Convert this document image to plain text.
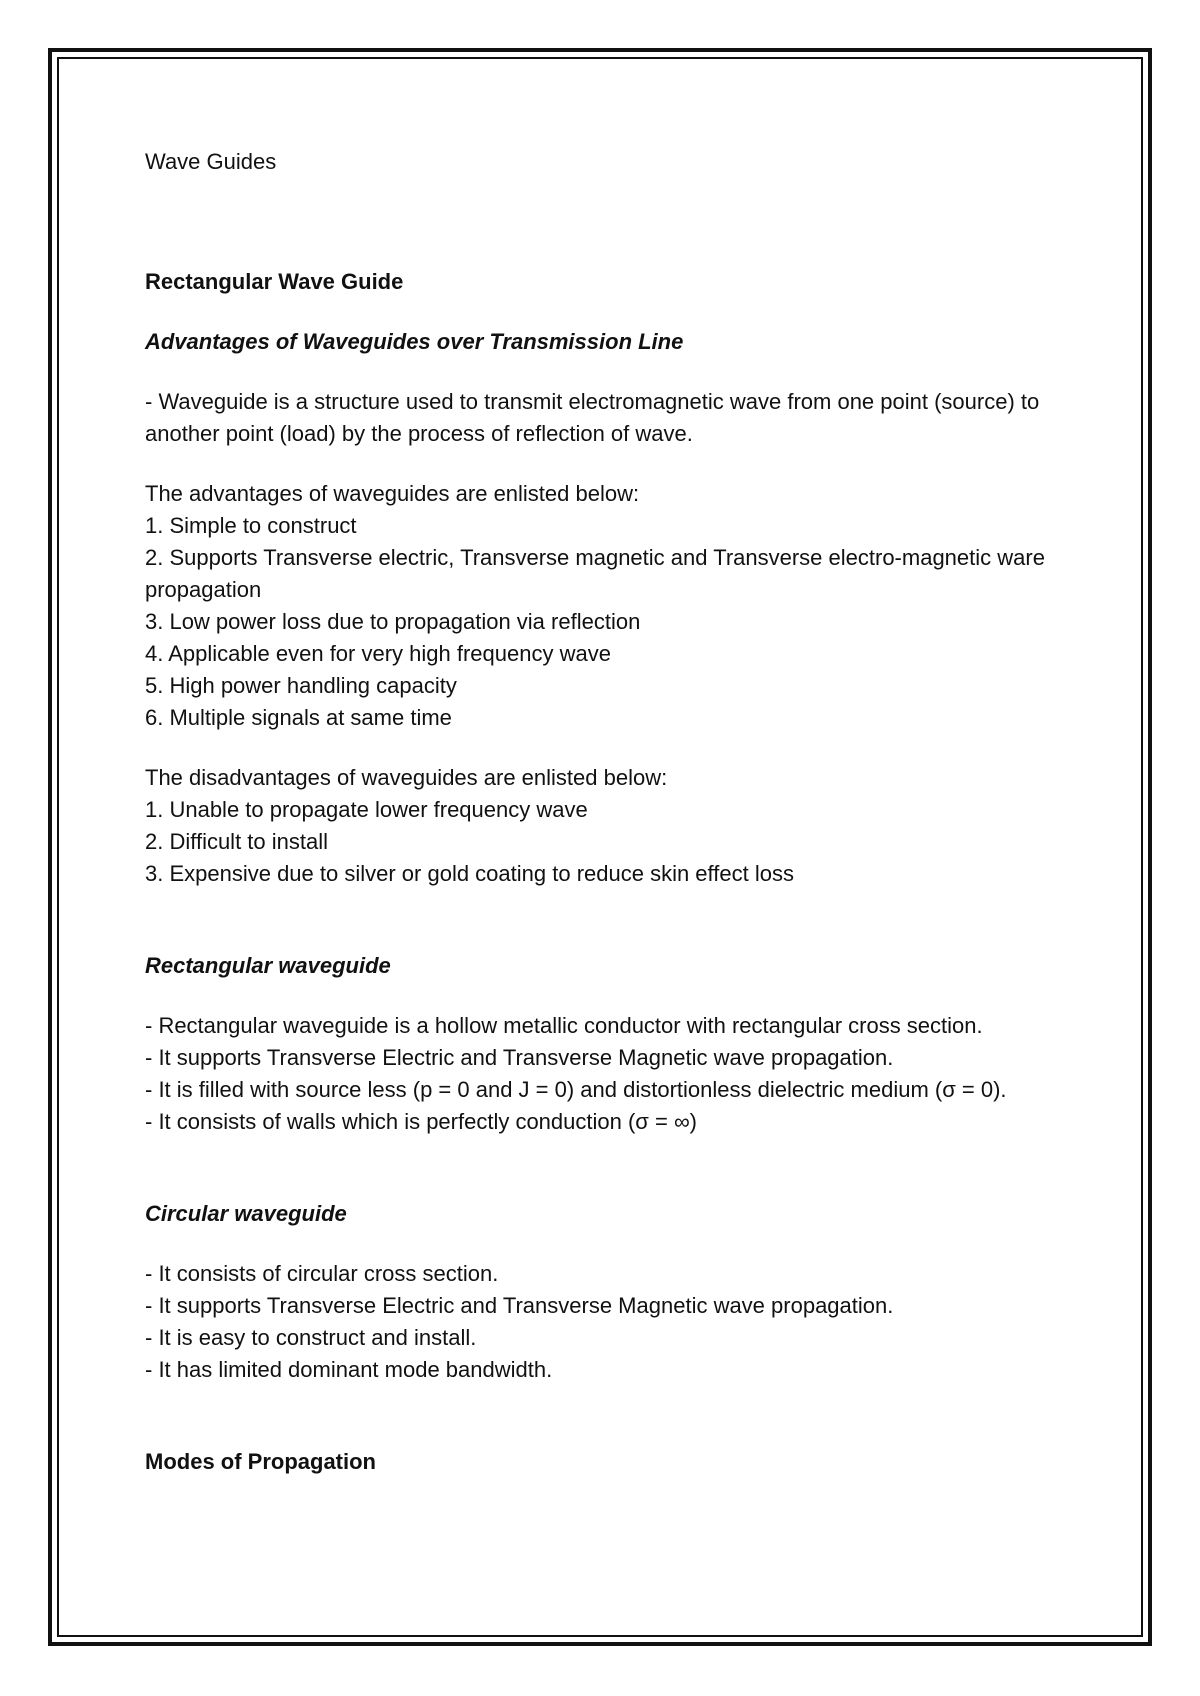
Wave Guides
Rectangular Wave Guide
Advantages of Waveguides over Transmission Line
- Waveguide is a structure used to transmit electromagnetic wave from one point (source) to another point (load) by the process of reflection of wave.
The advantages of waveguides are enlisted below:
1. Simple to construct
2. Supports Transverse electric, Transverse magnetic and Transverse electro-magnetic ware propagation
3. Low power loss due to propagation via reflection
4. Applicable even for very high frequency wave
5. High power handling capacity
6. Multiple signals at same time
The disadvantages of waveguides are enlisted below:
1. Unable to propagate lower frequency wave
2. Difficult to install
3. Expensive due to silver or gold coating to reduce skin effect loss
Rectangular waveguide
- Rectangular waveguide is a hollow metallic conductor with rectangular cross section.
- It supports Transverse Electric and Transverse Magnetic wave propagation.
- It is filled with source less (p = 0 and J = 0) and distortionless dielectric medium (σ = 0).
- It consists of walls which is perfectly conduction (σ = ∞)
Circular waveguide
- It consists of circular cross section.
- It supports Transverse Electric and Transverse Magnetic wave propagation.
- It is easy to construct and install.
- It has limited dominant mode bandwidth.
Modes of Propagation
